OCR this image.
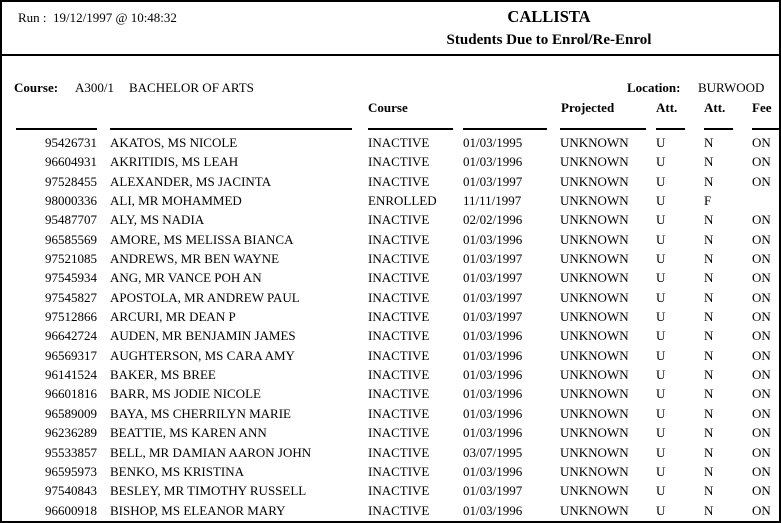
Run : 19/12/1997 @ 10:48:32	CALLISTA
Students Due to Enrol/Re-Enrol
Course: A300/1 BACHELOR OF ARTS	Location: BURWOOD
Course	Projected	Att. Att. Fee
95426731 AKATOS, MS NICOLE	INACTIVE	01/03/1995	UNKNOWN U	N	ON
96604931 AKRITIDIS, MS LEAH	INACTIVE	01/03/1996	UNKNOWN U	N	ON
97528455 ALEXANDER, MS JACINTA	INACTIVE	01/03/1997	UNKNOWN U	N	ON
98000336 ALI, MR MOHAMMED	ENROLLED 11/11/1997	UNKNOWN U	F
95487707 ALY, MS NADIA	INACTIVE	02/02/1996	UNKNOWN U	N	ON
96585569 AMORE, MS MELISSA BIANCA	INACTIVE	01/03/1996	UNKNOWN U	N	ON
97521085 ANDREWS, MR BEN WAYNE	INACTIVE	01/03/1997	UNKNOWN U	N	ON
97545934 ANG, MR VANCE POH AN	INACTIVE	01/03/1997	UNKNOWN U	N	ON
97545827 APOSTOLA, MR ANDREW PAUL	INACTIVE	01/03/1997	UNKNOWN U	N	ON
97512866 ARCURI, MR DEAN P	INACTIVE	01/03/1997	UNKNOWN U	N	ON
96642724 AUDEN, MR BENJAMIN JAMES	INACTIVE	01/03/1996	UNKNOWN U	N	ON
96569317 AUGHTERSON, MS CARA AMY	INACTIVE	01/03/1996	UNKNOWN U	N	ON
96141524 BAKER, MS BREE	INACTIVE	01/03/1996	UNKNOWN U	N	ON
96601816 BARR, MS JODIE NICOLE	INACTIVE	01/03/1996	UNKNOWN U	N	ON
96589009 BAYA, MS CHERRILYN MARIE	INACTIVE	01/03/1996	UNKNOWN U	N	ON
96236289 BEATTIE, MS KAREN ANN	INACTIVE	01/03/1996	UNKNOWN U	N	ON
95533857 BELL, MR DAMIAN AARON JOHN	INACTIVE	03/07/1995	UNKNOWN U	N	ON
96595973 BENKO, MS KRISTINA	INACTIVE	01/03/1996	UNKNOWN U	N	ON
97540843 BESLEY, MR TIMOTHY RUSSELL	INACTIVE	01/03/1997	UNKNOWN U	N	ON
96600918 BISHOP, MS ELEANOR MARY	INACTIVE	01/03/1996	UNKNOWN U	N	ON
